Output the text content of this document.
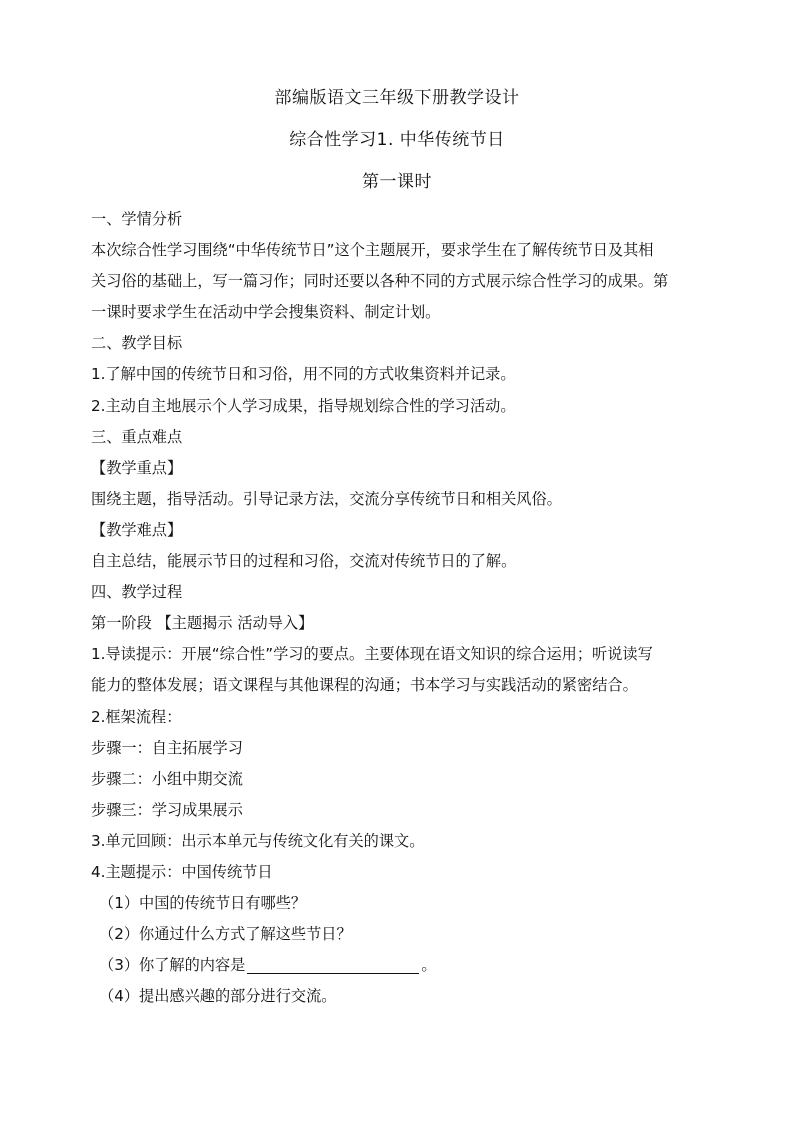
部编版语文三年级下册教学设计
综合性学习1. 中华传统节日
第一课时
一、学情分析
本次综合性学习围绕“中华传统节日”这个主题展开，要求学生在了解传统节日及其相
关习俗的基础上，写一篇习作；同时还要以各种不同的方式展示综合性学习的成果。第
一课时要求学生在活动中学会搜集资料、制定计划。
二、教学目标
1.了解中国的传统节日和习俗，用不同的方式收集资料并记录。
2.主动自主地展示个人学习成果，指导规划综合性的学习活动。
三、重点难点
【教学重点】
围绕主题，指导活动。引导记录方法，交流分享传统节日和相关风俗。
【教学难点】
自主总结，能展示节日的过程和习俗，交流对传统节日的了解。
四、教学过程
第一阶段 【主题揭示 活动导入】
1.导读提示：开展“综合性”学习的要点。主要体现在语文知识的综合运用；听说读写
能力的整体发展；语文课程与其他课程的沟通；书本学习与实践活动的紧密结合。
2.框架流程：
步骤一：自主拓展学习
步骤二：小组中期交流
步骤三：学习成果展示
3.单元回顾：出示本单元与传统文化有关的课文。
4.主题提示：中国传统节日
（1）中国的传统节日有哪些？
（2）你通过什么方式了解这些节日？
（3）你了解的内容是	。
（4）提出感兴趣的部分进行交流。
